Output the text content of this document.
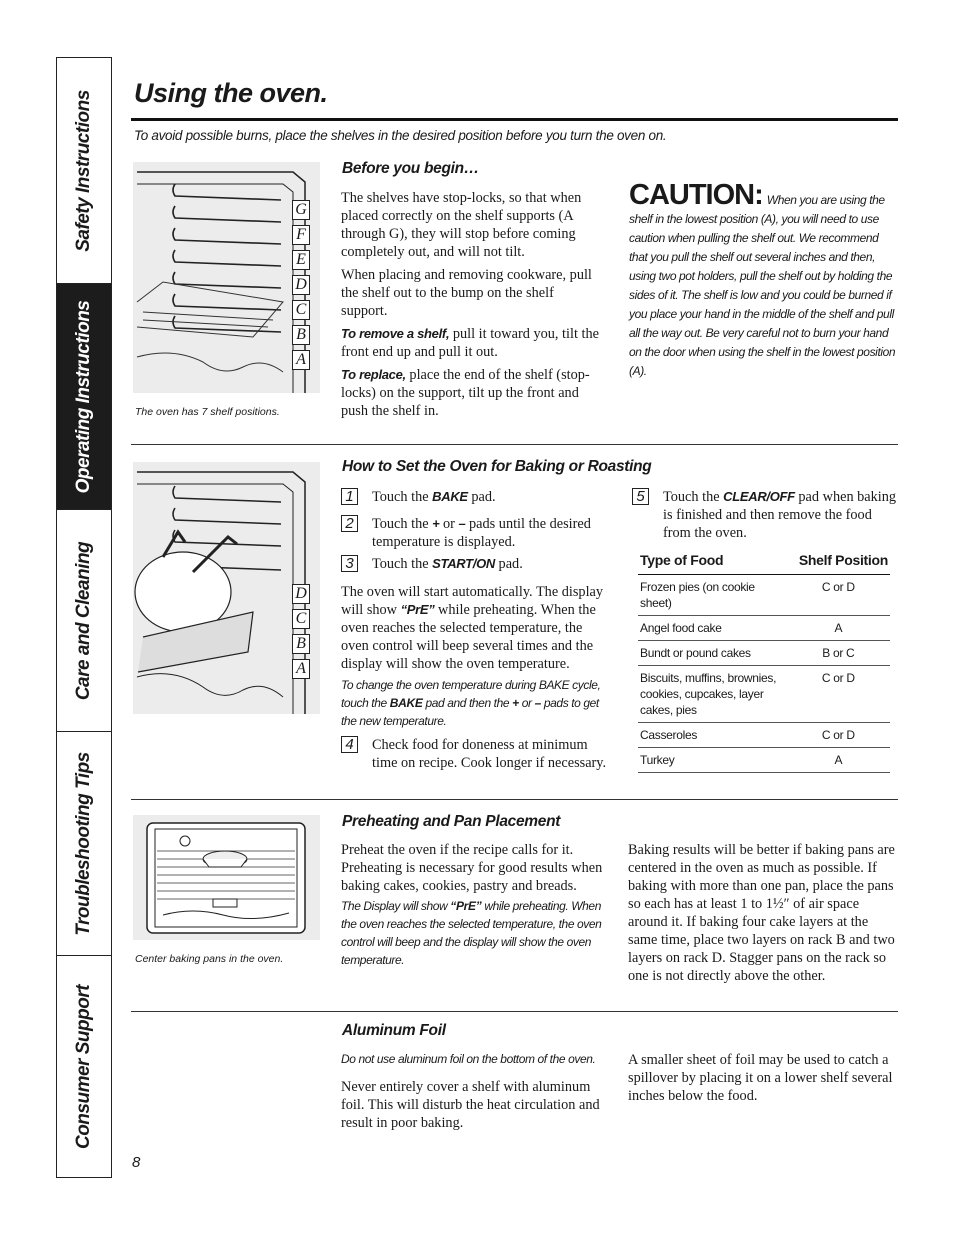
Safety Instructions
Operating Instructions
Care and Cleaning
Troubleshooting Tips
Consumer Support
Using the oven.
To avoid possible burns, place the shelves in the desired position before you turn the oven on.
G
F
E
D
C
B
A
The oven has 7 shelf positions.
Before you begin…

The shelves have stop-locks, so that when placed correctly on the shelf supports (A through G), they will stop before coming completely out, and will not tilt.

When placing and removing cookware, pull the shelf out to the bump on the shelf support.

To remove a shelf, pull it toward you, tilt the front end up and pull it out.

To replace, place the end of the shelf (stop-locks) on the support, tilt up the front and push the shelf in.

CAUTION: When you are using the shelf in the lowest position (A), you will need to use caution when pulling the shelf out. We recommend that you pull the shelf out several inches and then, using two pot holders, pull the shelf out by holding the sides of it. The shelf is low and you could be burned if you place your hand in the middle of the shelf and pull all the way out. Be very careful not to burn your hand on the door when using the shelf in the lowest position (A).
D
C
B
A
How to Set the Oven for Baking or Roasting
1	Touch the BAKE pad.
2	Touch the + or – pads until the desired temperature is displayed.
3	Touch the START/ON pad.
The oven will start automatically. The display will show “PrE” while preheating. When the oven reaches the selected temperature, the oven control will beep several times and the display will show the oven temperature.
To change the oven temperature during BAKE cycle, touch the BAKE pad and then the + or – pads to get the new temperature.
4	Check food for doneness at minimum time on recipe. Cook longer if necessary.
5	Touch the CLEAR/OFF pad when baking is finished and then remove the food from the oven.
Type of Food	Shelf Position
Frozen pies (on cookie sheet)	C or D
Angel food cake	A
Bundt or pound cakes	B or C
Biscuits, muffins, brownies, cookies, cupcakes, layer cakes, pies	C or D
Casseroles	C or D
Turkey	A
Center baking pans in the oven.
Preheating and Pan Placement
Preheat the oven if the recipe calls for it. Preheating is necessary for good results when baking cakes, cookies, pastry and breads.
The Display will show “PrE” while preheating. When the oven reaches the selected temperature, the oven control will beep and the display will show the oven temperature.
Baking results will be better if baking pans are centered in the oven as much as possible. If baking with more than one pan, place the pans so each has at least 1 to 1½″ of air space around it. If baking four cake layers at the same time, place two layers on rack B and two layers on rack D. Stagger pans on the rack so one is not directly above the other.
Aluminum Foil
Do not use aluminum foil on the bottom of the oven.
Never entirely cover a shelf with aluminum foil. This will disturb the heat circulation and result in poor baking.
A smaller sheet of foil may be used to catch a spillover by placing it on a lower shelf several inches below the food.
8
